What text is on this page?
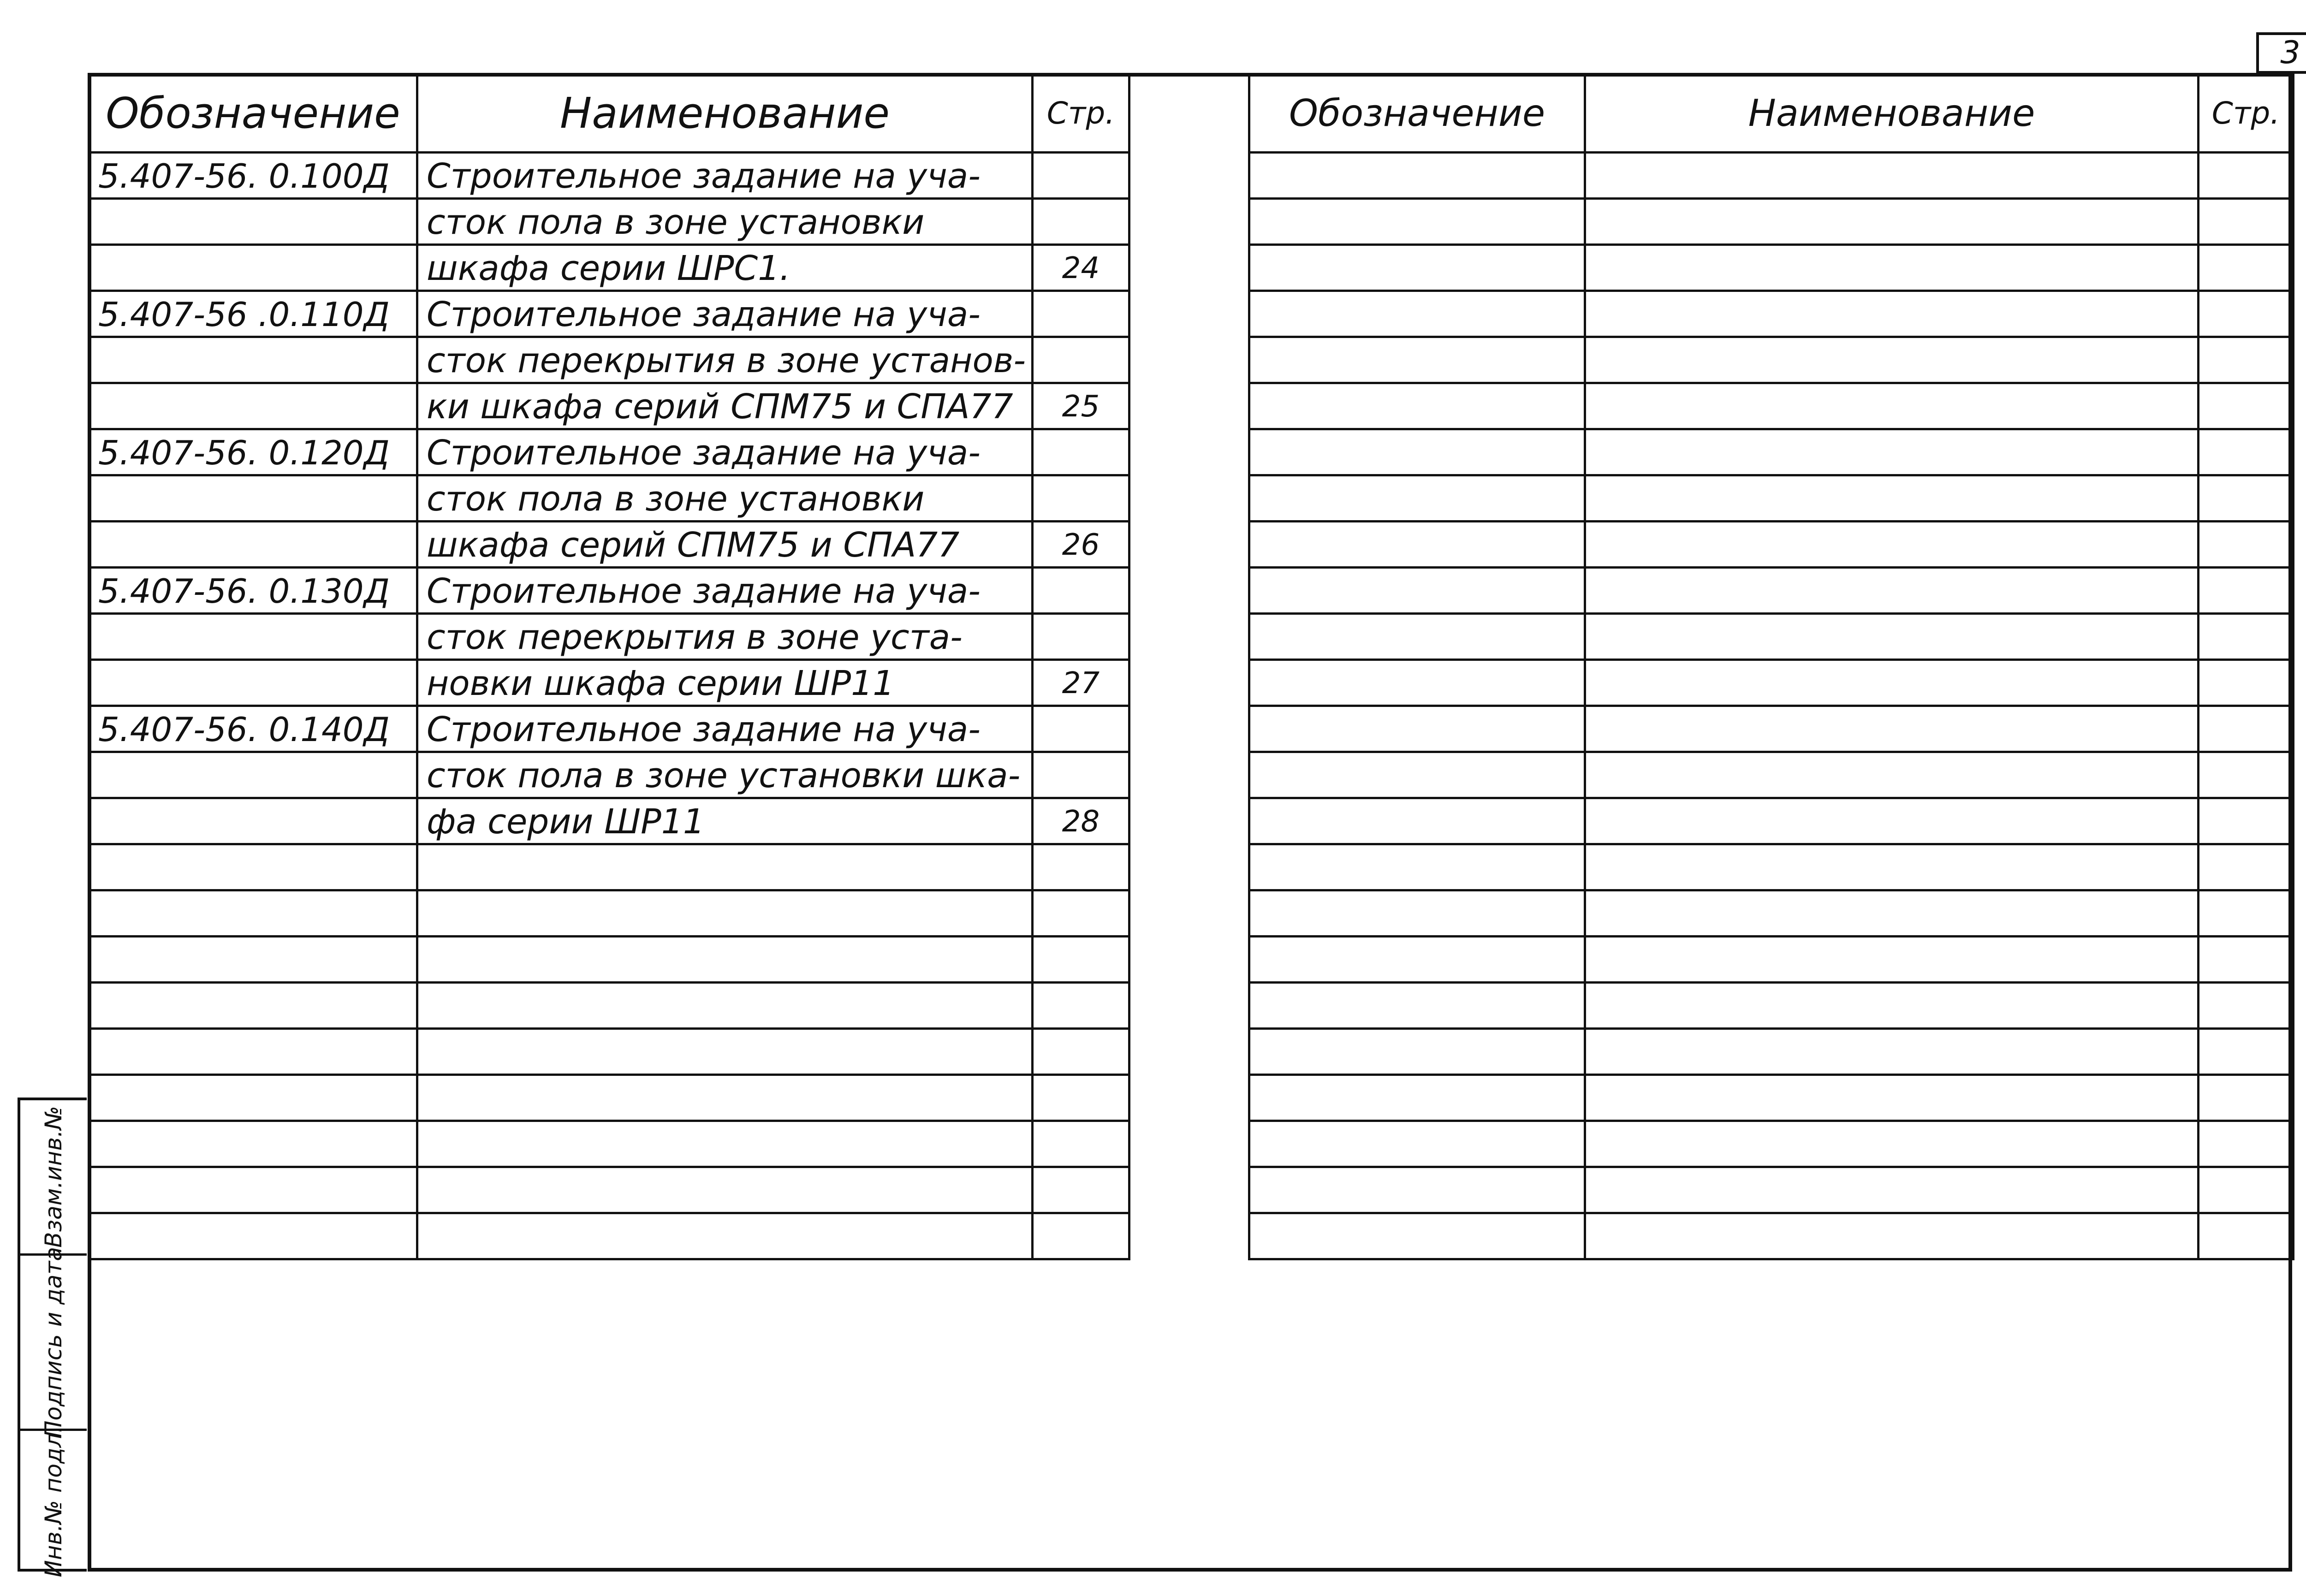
3
Обозначение	Наименование	Стр.
5.407-56. 0.100Д	Строительное задание на уча-	
	сток пола в зоне установки	
	шкафа серии ШРС1.	24
5.407-56 .0.110Д	Строительное задание на уча-	
	сток перекрытия в зоне установ-	
	ки шкафа серий СПМ75 и СПА77	25
5.407-56. 0.120Д	Строительное задание на уча-	
	сток пола в зоне установки	
	шкафа серий СПМ75 и СПА77	26
5.407-56. 0.130Д	Строительное задание на уча-	
	сток перекрытия в зоне уста-	
	новки шкафа серии ШР11	27
5.407-56. 0.140Д	Строительное задание на уча-	
	сток пола в зоне установки шка-	
	фа серии ШР11	28

Обозначение	Наименование	Стр.

Взам.инв.№
Подпись и дата
Инв.№ подл.
